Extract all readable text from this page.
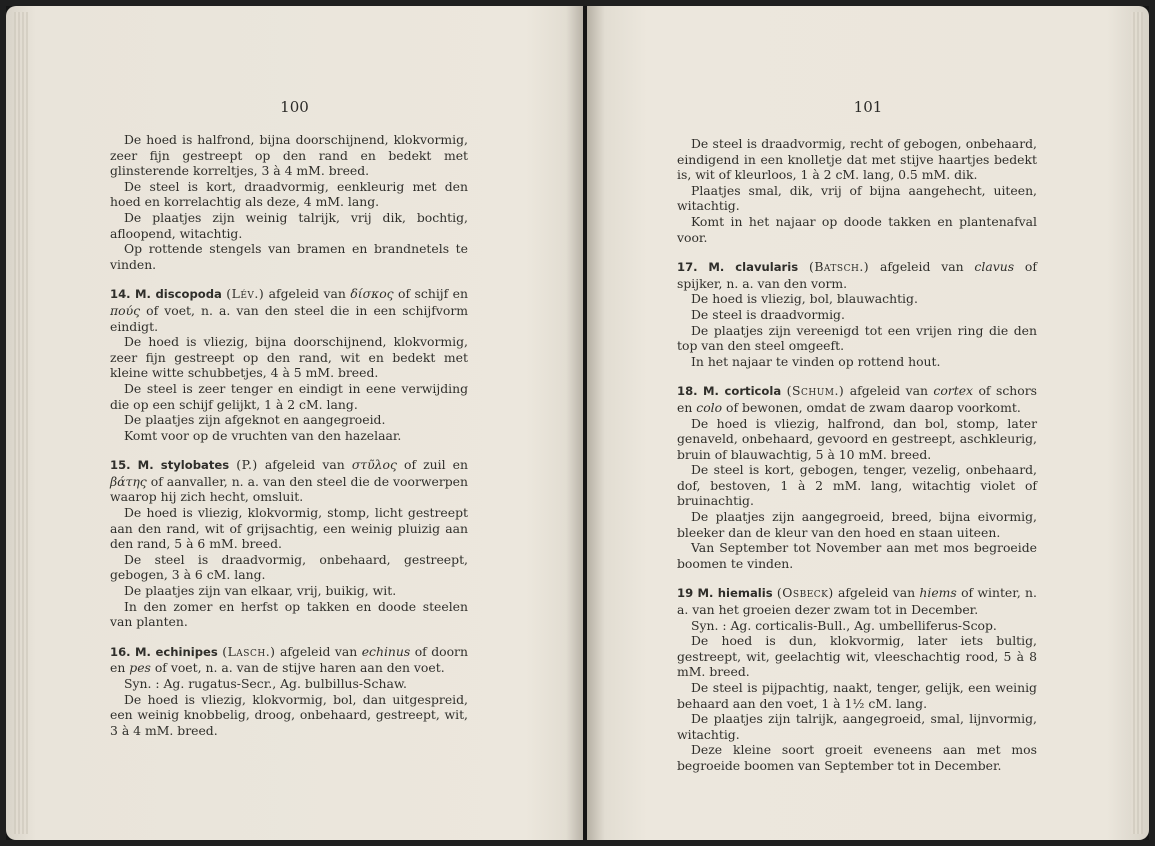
100

De hoed is halfrond, bijna doorschijnend, klokvormig, zeer fijn gestreept op den rand en bedekt met glinsterende korreltjes, 3 à 4 mM. breed.

De steel is kort, draadvormig, eenkleurig met den hoed en korrelachtig als deze, 4 mM. lang.

De plaatjes zijn weinig talrijk, vrij dik, bochtig, afloopend, witachtig.

Op rottende stengels van bramen en brandnetels te vinden.

14. M. discopoda (Lév.) afgeleid van δίσκος of schijf en πούς of voet, n. a. van den steel die in een schijfvorm eindigt.

De hoed is vliezig, bijna doorschijnend, klokvormig, zeer fijn gestreept op den rand, wit en bedekt met kleine witte schubbetjes, 4 à 5 mM. breed.

De steel is zeer tenger en eindigt in eene verwijding die op een schijf gelijkt, 1 à 2 cM. lang.

De plaatjes zijn afgeknot en aangegroeid.

Komt voor op de vruchten van den hazelaar.

15. M. stylobates (P.) afgeleid van στῦλος of zuil en βάτης of aanvaller, n. a. van den steel die de voorwerpen waarop hij zich hecht, omsluit.

De hoed is vliezig, klokvormig, stomp, licht gestreept aan den rand, wit of grijsachtig, een weinig pluizig aan den rand, 5 à 6 mM. breed.

De steel is draadvormig, onbehaard, gestreept, gebogen, 3 à 6 cM. lang.

De plaatjes zijn van elkaar, vrij, buikig, wit.

In den zomer en herfst op takken en doode steelen van planten.

16. M. echinipes (Lasch.) afgeleid van echinus of doorn en pes of voet, n. a. van de stijve haren aan den voet.

Syn. : Ag. rugatus-Secr., Ag. bulbillus-Schaw.

De hoed is vliezig, klokvormig, bol, dan uitgespreid, een weinig knobbelig, droog, onbehaard, gestreept, wit, 3 à 4 mM. breed.

101

De steel is draadvormig, recht of gebogen, onbehaard, eindigend in een knolletje dat met stijve haartjes bedekt is, wit of kleurloos, 1 à 2 cM. lang, 0.5 mM. dik.

Plaatjes smal, dik, vrij of bijna aangehecht, uiteen, witachtig.

Komt in het najaar op doode takken en plantenafval voor.

17. M. clavularis (Batsch.) afgeleid van clavus of spijker, n. a. van den vorm.

De hoed is vliezig, bol, blauwachtig.

De steel is draadvormig.

De plaatjes zijn vereenigd tot een vrijen ring die den top van den steel omgeeft.

In het najaar te vinden op rottend hout.

18. M. corticola (Schum.) afgeleid van cortex of schors en colo of bewonen, omdat de zwam daarop voorkomt.

De hoed is vliezig, halfrond, dan bol, stomp, later genaveld, onbehaard, gevoord en gestreept, aschkleurig, bruin of blauwachtig, 5 à 10 mM. breed.

De steel is kort, gebogen, tenger, vezelig, onbehaard, dof, bestoven, 1 à 2 mM. lang, witachtig violet of bruinachtig.

De plaatjes zijn aangegroeid, breed, bijna eivormig, bleeker dan de kleur van den hoed en staan uiteen.

Van September tot November aan met mos begroeide boomen te vinden.

19 M. hiemalis (Osbeck) afgeleid van hiems of winter, n. a. van het groeien dezer zwam tot in December.

Syn. : Ag. corticalis-Bull., Ag. umbelliferus-Scop.

De hoed is dun, klokvormig, later iets bultig, gestreept, wit, geelachtig wit, vleeschachtig rood, 5 à 8 mM. breed.

De steel is pijpachtig, naakt, tenger, gelijk, een weinig behaard aan den voet, 1 à 1½ cM. lang.

De plaatjes zijn talrijk, aangegroeid, smal, lijnvormig, witachtig.

Deze kleine soort groeit eveneens aan met mos begroeide boomen van September tot in December.
